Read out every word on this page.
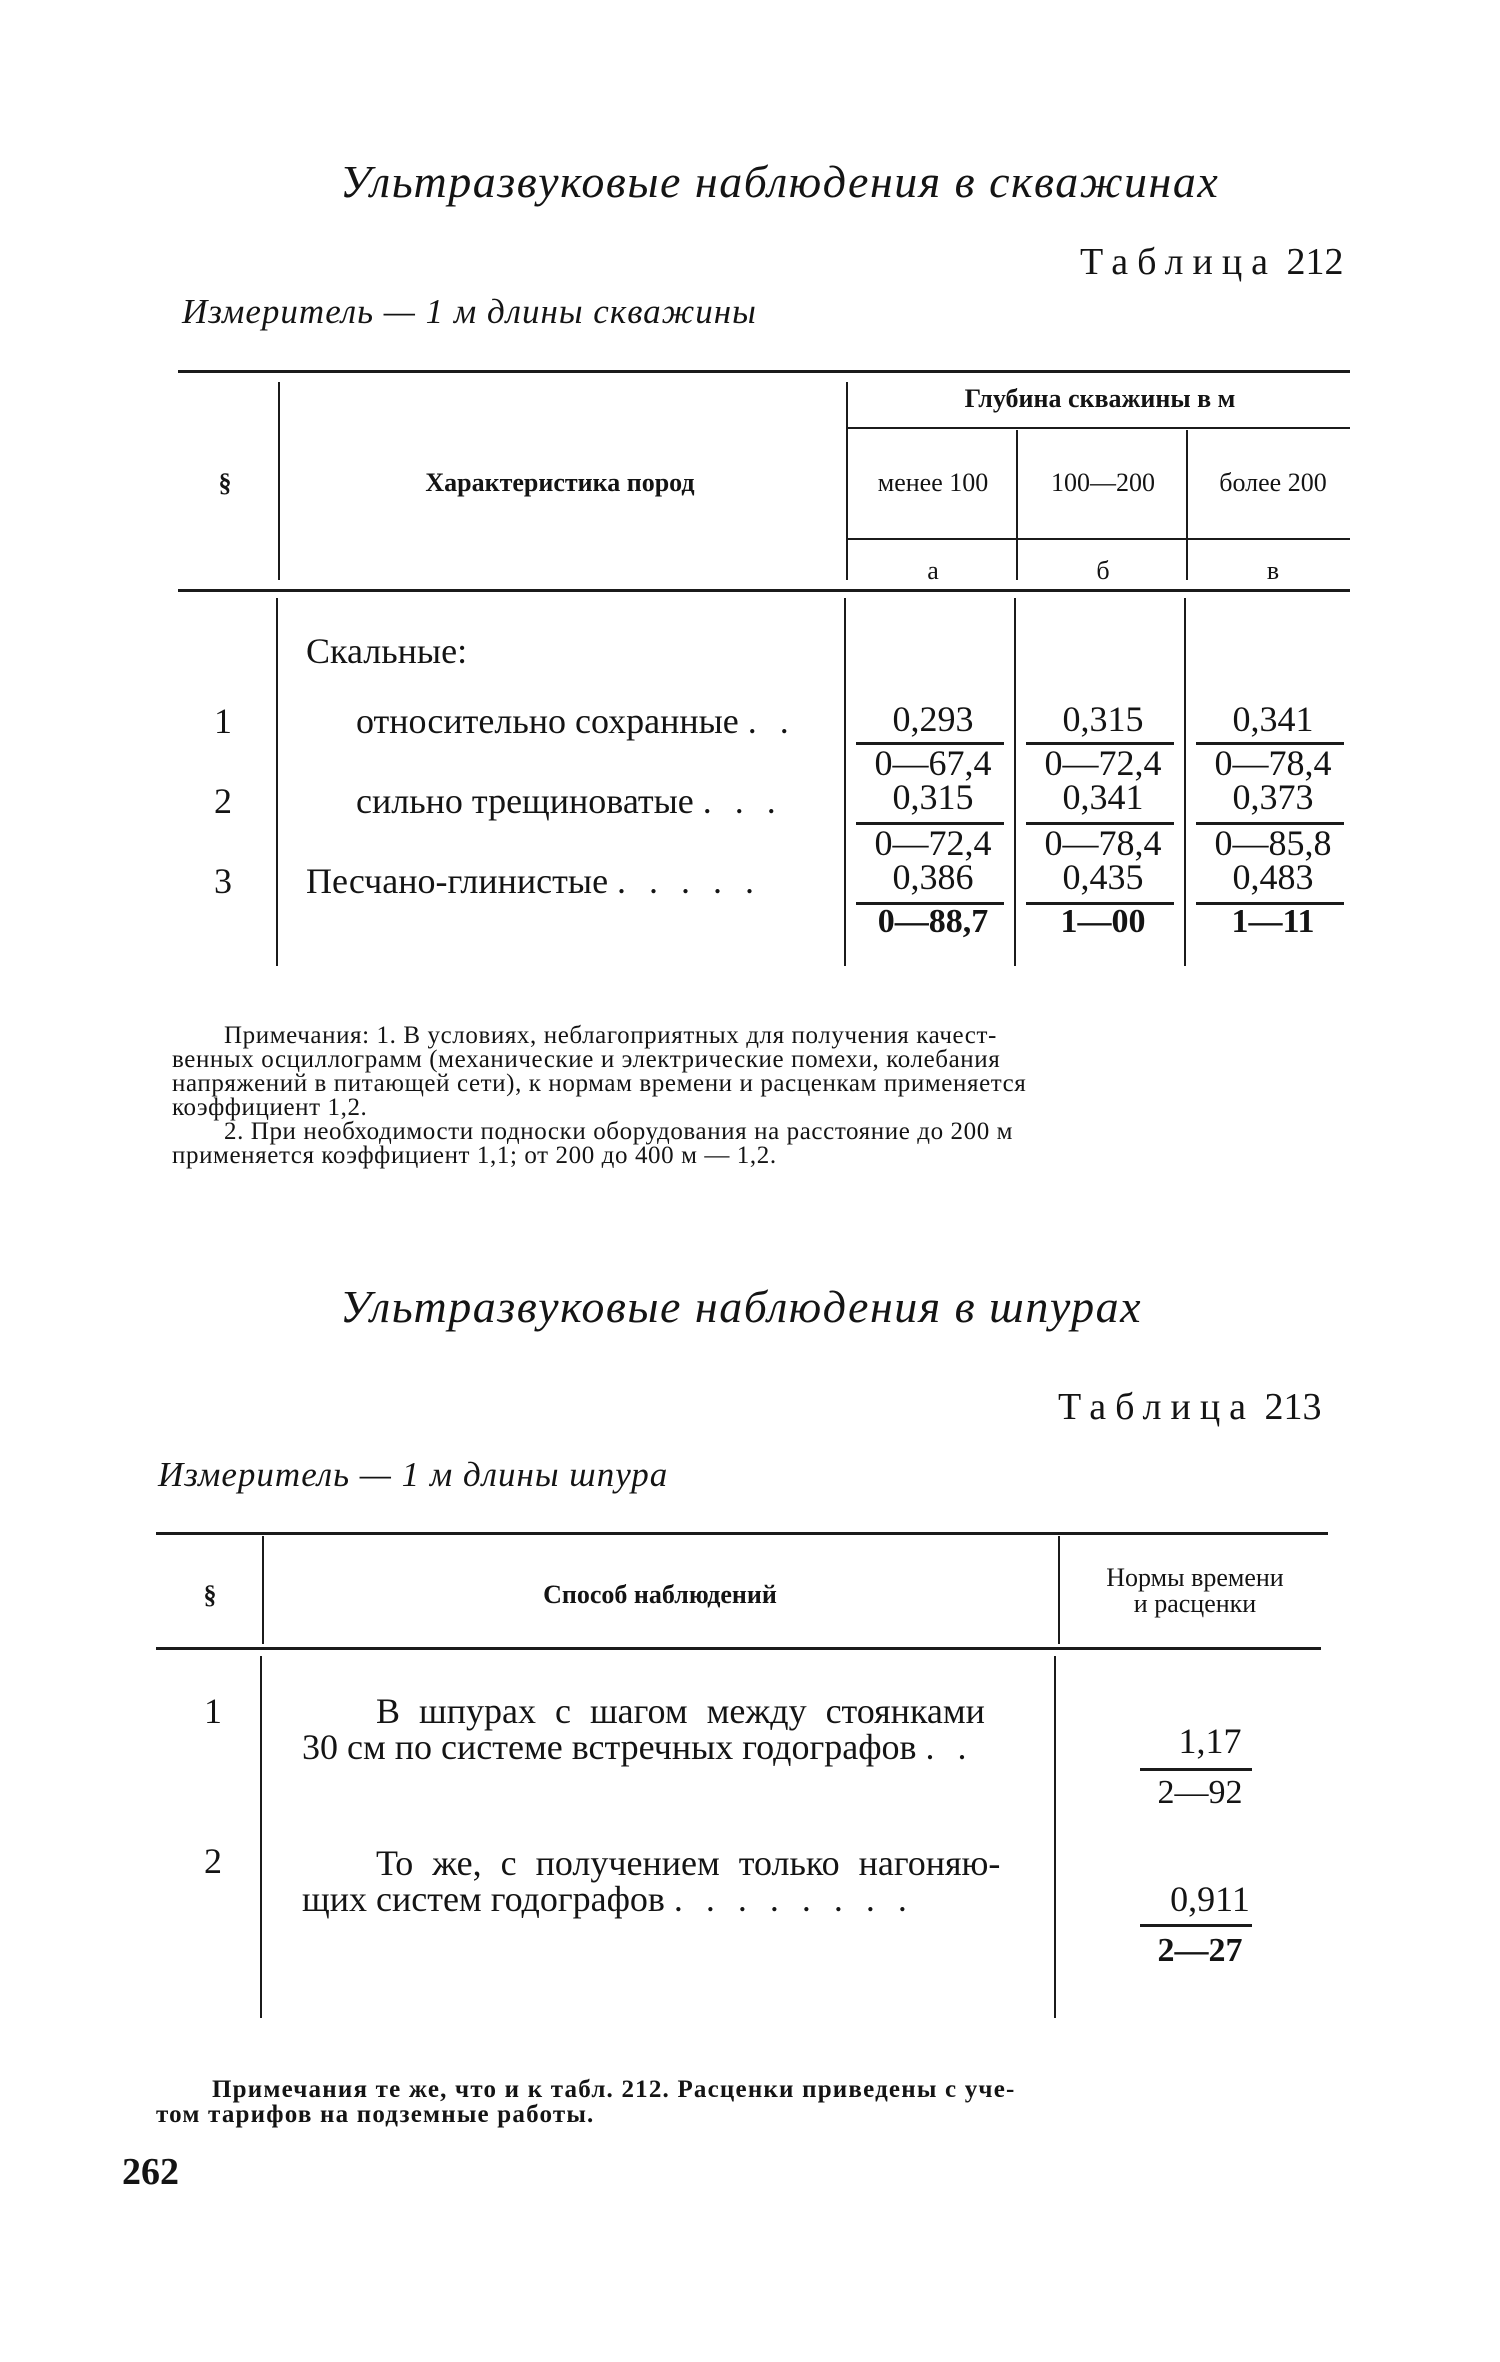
Ультразвуковые наблюдения в скважинах
Таблица 212
Измеритель — 1 м длины скважины
§	Характеристика пород
Глубина скважины в м
менее 100	100—200	более 200
а	б	в
Скальные:
1	относительно сохранные . .	0,293	0,315	0,341
0—67,4	0—72,4	0—78,4
2	сильно трещиноватые . . .	0,315	0,341	0,373
0—72,4	0—78,4	0—85,8
3 Песчано-глинистые . . . . .	0,386	0,435	0,483
0—88,7	1—00	1—11
Примечания: 1. В условиях, неблагоприятных для получения качест-
венных осциллограмм (механические и электрические помехи, колебания
напряжений в питающей сети), к нормам времени и расценкам применяется
коэффициент 1,2.
2. При необходимости подноски оборудования на расстояние до 200 м
применяется коэффициент 1,1; от 200 до 400 м — 1,2.
Ультразвуковые наблюдения в шпурах
Таблица 213
Измеритель — 1 м длины шпура
§	Способ наблюдений
Нормы времени
и расценки
1	В шпурах с шагом между стоянками
30 см по системе встречных годографов . .	1,17
2—92
2	То же, с получением только нагоняю-
щих систем годографов . . . . . . . .	0,911
2—27
Примечания те же, что и к табл. 212. Расценки приведены с уче-
том тарифов на подземные работы.
262
